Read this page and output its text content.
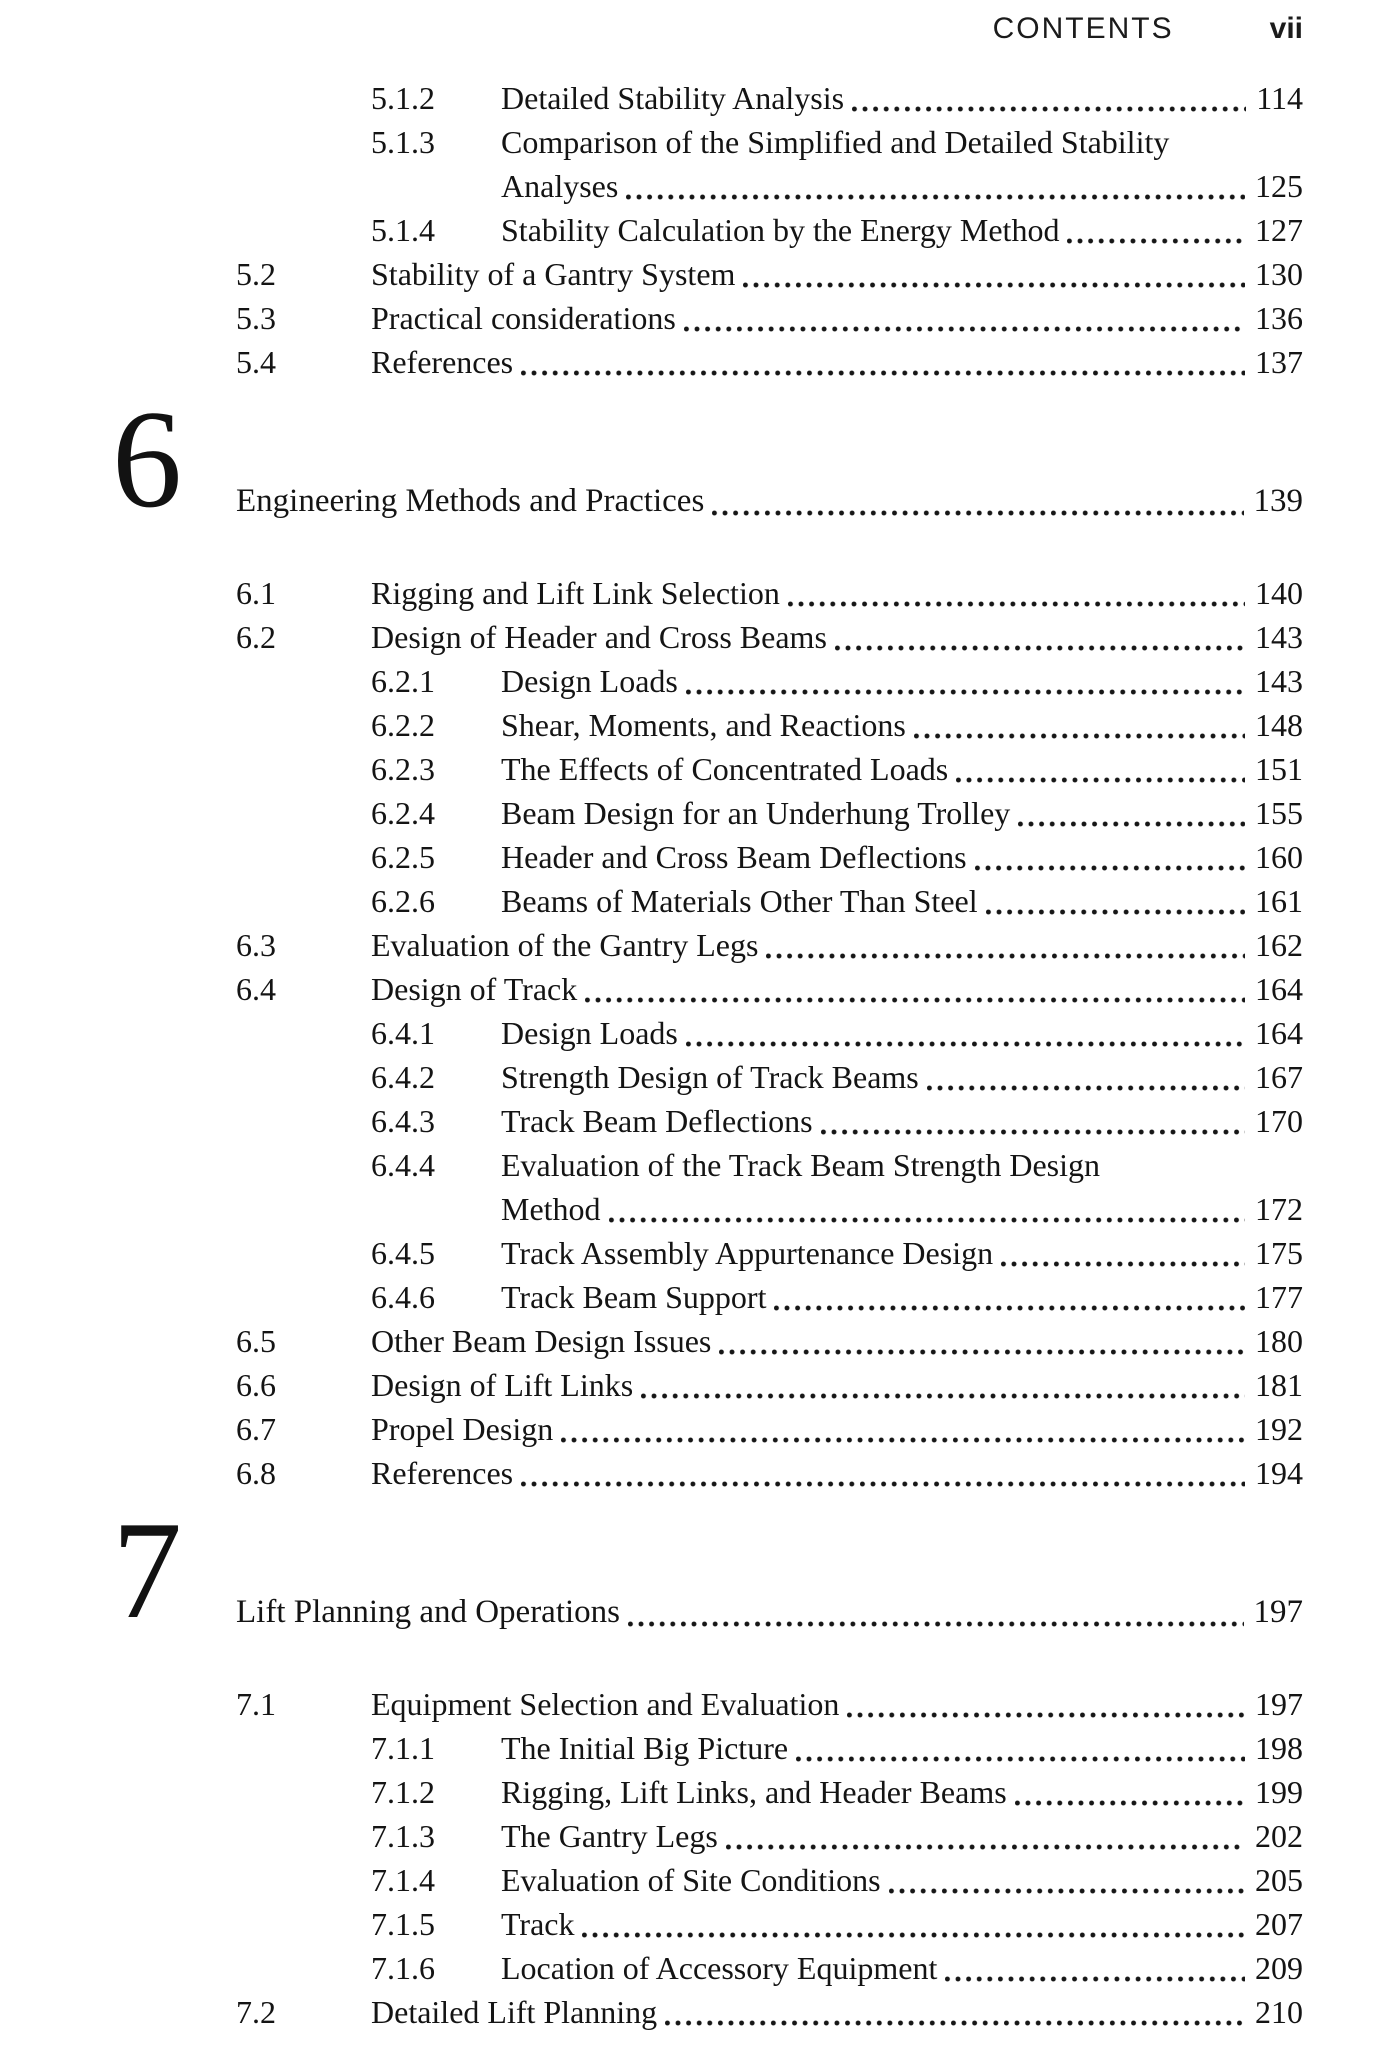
CONTENTS	vii
5.1.2	Detailed Stability Analysis	114
5.1.3	Comparison of the Simplified and Detailed Stability
Analyses	125
5.1.4	Stability Calculation by the Energy Method	127
5.2	Stability of a Gantry System	130
5.3	Practical considerations	136
5.4	References	137
6 Engineering Methods and Practices	139
6.1	Rigging and Lift Link Selection	140
6.2	Design of Header and Cross Beams	143
6.2.1	Design Loads	143
6.2.2	Shear, Moments, and Reactions	148
6.2.3	The Effects of Concentrated Loads	151
6.2.4	Beam Design for an Underhung Trolley	155
6.2.5	Header and Cross Beam Deflections	160
6.2.6	Beams of Materials Other Than Steel	161
6.3	Evaluation of the Gantry Legs	162
6.4	Design of Track	164
6.4.1	Design Loads	164
6.4.2	Strength Design of Track Beams	167
6.4.3	Track Beam Deflections	170
6.4.4	Evaluation of the Track Beam Strength Design
Method	172
6.4.5	Track Assembly Appurtenance Design	175
6.4.6	Track Beam Support	177
6.5	Other Beam Design Issues	180
6.6	Design of Lift Links	181
6.7	Propel Design	192
6.8	References	194
7 Lift Planning and Operations	197
7.1	Equipment Selection and Evaluation	197
7.1.1	The Initial Big Picture	198
7.1.2	Rigging, Lift Links, and Header Beams	199
7.1.3	The Gantry Legs	202
7.1.4	Evaluation of Site Conditions	205
7.1.5	Track	207
7.1.6	Location of Accessory Equipment	209
7.2	Detailed Lift Planning	210
